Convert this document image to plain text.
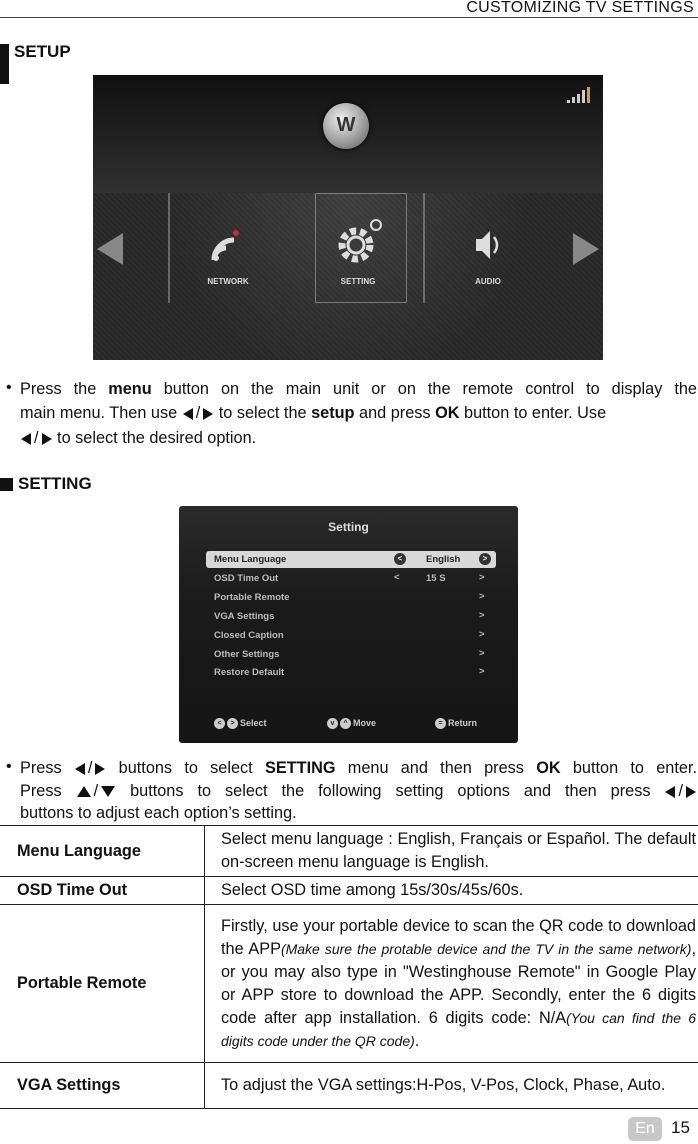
CUSTOMIZING TV SETTINGS
SETUP
W
NETWORK	SETTING	AUDIO
• Press the menu button on the main unit or on the remote control to display the
main menu. Then use / to select the setup and press OK button to enter. Use
/ to select the desired option.
SETTING
Setting
Menu Language	<	English	>
OSD Time Out	<	15 S	>
Portable Remote	>
VGA Settings	>
Closed Caption	>
Other Settings	>
Restore Default	>
< > Select	v ^ Move	= Return
• Press / buttons to select SETTING menu and then press OK button to enter.
Press / buttons to select the following setting options and then press /
buttons to adjust each option’s setting.
Menu Language	Select menu language : English, Français or Español. The default on-screen menu language is English.
OSD Time Out	Select OSD time among 15s/30s/45s/60s.
Portable Remote	Firstly, use your portable device to scan the QR code to download the APP(Make sure the protable device and the TV in the same network), or you may also type in "Westinghouse Remote" in Google Play or APP store to download the APP. Secondly, enter the 6 digits code after app installation. 6 digits code: N/A(You can find the 6 digits code under the QR code).
VGA Settings	To adjust the VGA settings:H-Pos, V-Pos, Clock, Phase, Auto.
En 15
